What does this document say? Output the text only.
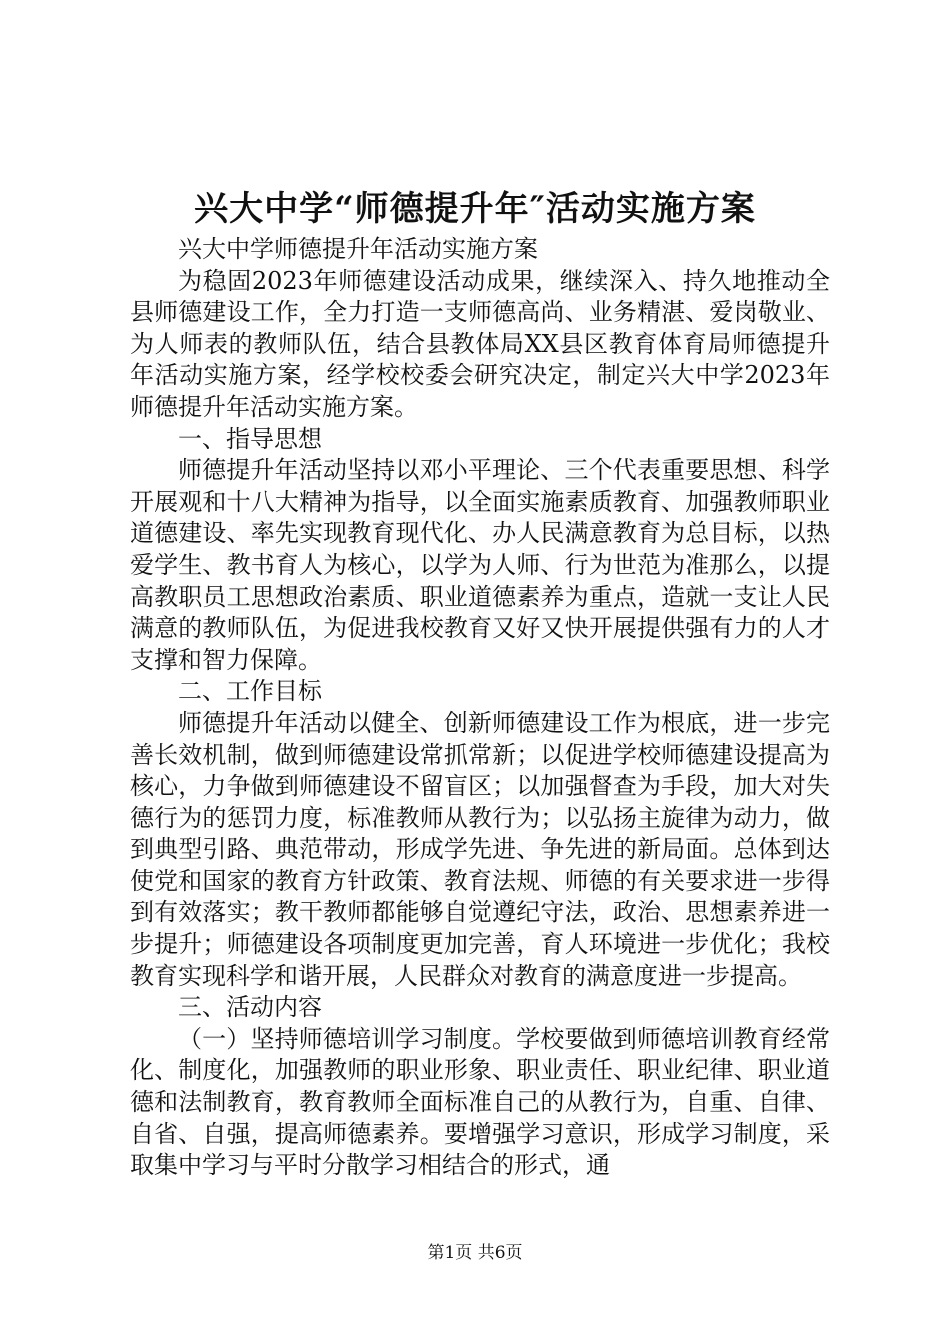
兴大中学“师德提升年″活动实施方案

兴大中学师德提升年活动实施方案

为稳固2023年师德建设活动成果，继续深入、持久地推动全县师德建设工作，全力打造一支师德高尚、业务精湛、爱岗敬业、为人师表的教师队伍，结合县教体局XX县区教育体育局师德提升年活动实施方案，经学校校委会研究决定，制定兴大中学2023年师德提升年活动实施方案。

一、指导思想

师德提升年活动坚持以邓小平理论、三个代表重要思想、科学开展观和十八大精神为指导，以全面实施素质教育、加强教师职业道德建设、率先实现教育现代化、办人民满意教育为总目标，以热爱学生、教书育人为核心，以学为人师、行为世范为准那么，以提高教职员工思想政治素质、职业道德素养为重点，造就一支让人民满意的教师队伍，为促进我校教育又好又快开展提供强有力的人才支撑和智力保障。

二、工作目标

师德提升年活动以健全、创新师德建设工作为根底，进一步完善长效机制，做到师德建设常抓常新；以促进学校师德建设提高为核心，力争做到师德建设不留盲区；以加强督查为手段，加大对失德行为的惩罚力度，标准教师从教行为；以弘扬主旋律为动力，做到典型引路、典范带动，形成学先进、争先进的新局面。总体到达使党和国家的教育方针政策、教育法规、师德的有关要求进一步得到有效落实；教干教师都能够自觉遵纪守法，政治、思想素养进一步提升；师德建设各项制度更加完善，育人环境进一步优化；我校教育实现科学和谐开展，人民群众对教育的满意度进一步提高。

三、活动内容

（一）坚持师德培训学习制度。学校要做到师德培训教育经常化、制度化，加强教师的职业形象、职业责任、职业纪律、职业道德和法制教育，教育教师全面标准自己的从教行为，自重、自律、自省、自强，提高师德素养。要增强学习意识，形成学习制度，采取集中学习与平时分散学习相结合的形式，通

第1页 共6页
